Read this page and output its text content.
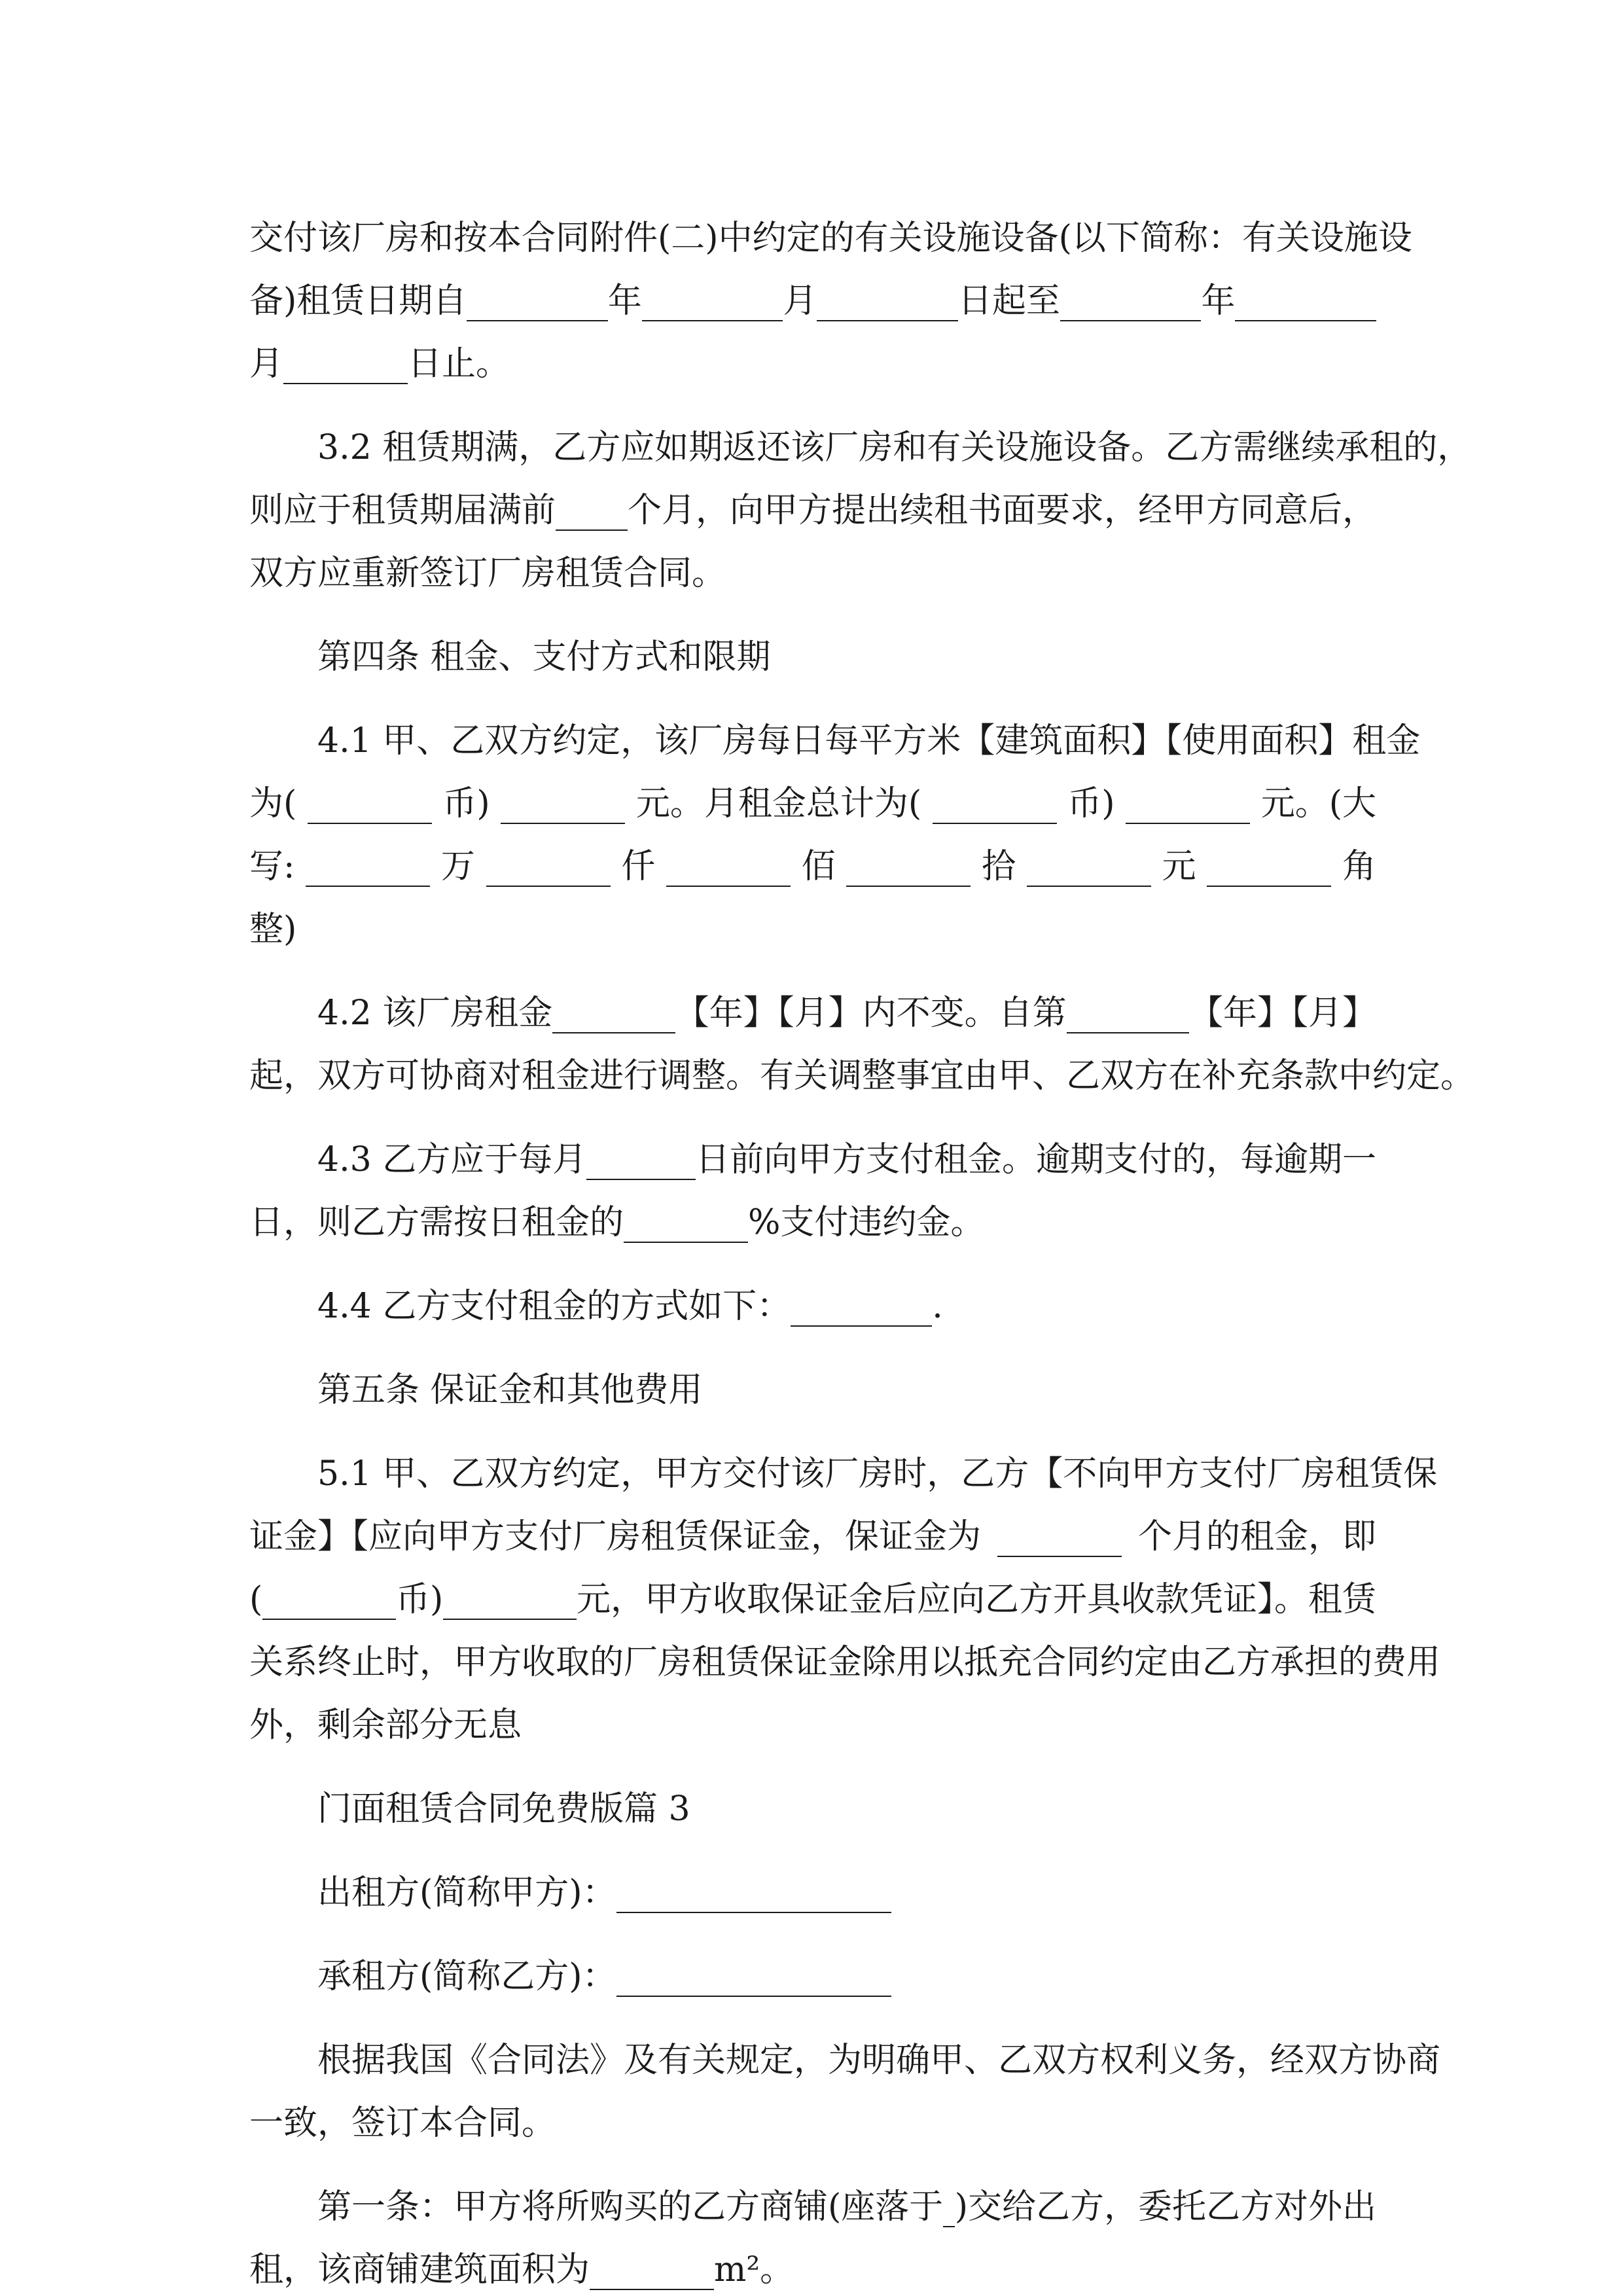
交付该厂房和按本合同附件(二)中约定的有关设施设备(以下简称：有关设施设
备)租赁日期自	年	月	日起至	年
月	日止。
3.2 租赁期满，乙方应如期返还该厂房和有关设施设备。乙方需继续承租的，
则应于租赁期届满前 个月，向甲方提出续租书面要求，经甲方同意后，
双方应重新签订厂房租赁合同。
第四条 租金、支付方式和限期
4.1 甲、乙双方约定，该厂房每日每平方米【建筑面积】【使用面积】租金
为(	币)	元。月租金总计为(	币)	元。(大
写:	万	仟	佰	拾	元	角
整)
4.2 该厂房租金	【年】【月】内不变。自第	【年】【月】
起，双方可协商对租金进行调整。有关调整事宜由甲、乙双方在补充条款中约定。
4.3 乙方应于每月	日前向甲方支付租金。逾期支付的，每逾期一
日，则乙方需按日租金的	%支付违约金。
4.4 乙方支付租金的方式如下：	.
第五条 保证金和其他费用
5.1 甲、乙双方约定，甲方交付该厂房时，乙方【不向甲方支付厂房租赁保
证金】【应向甲方支付厂房租赁保证金，保证金为	个月的租金，即
(	币)	元，甲方收取保证金后应向乙方开具收款凭证】。租赁
关系终止时，甲方收取的厂房租赁保证金除用以抵充合同约定由乙方承担的费用
外，剩余部分无息
门面租赁合同免费版篇 3
出租方(简称甲方)：
承租方(简称乙方)：
根据我国《合同法》及有关规定，为明确甲、乙双方权利义务，经双方协商
一致，签订本合同。
第一条：甲方将所购买的乙方商铺(座落于 )交给乙方，委托乙方对外出
租，该商铺建筑面积为	m²。
